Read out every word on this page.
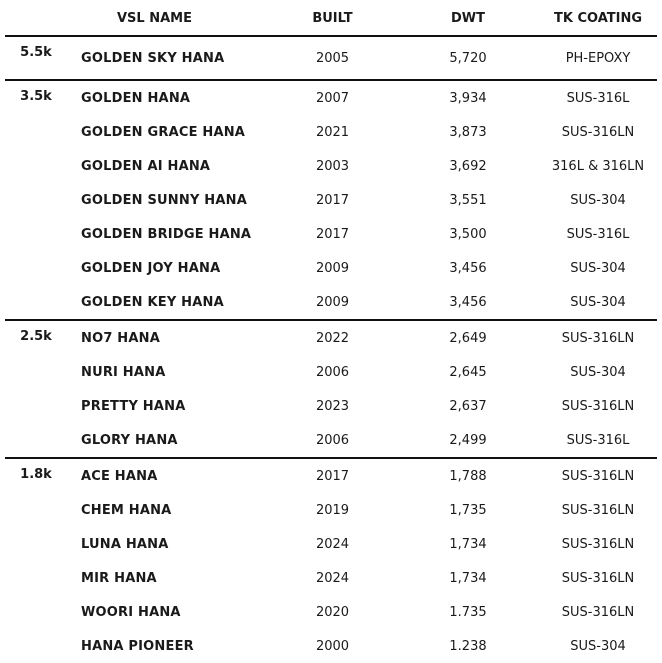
	VSL NAME	BUILT	DWT	TK COATING
5.5k	GOLDEN SKY HANA	2005	5,720	PH-EPOXY
3.5k	GOLDEN HANA	2007	3,934	SUS-316L
	GOLDEN GRACE HANA	2021	3,873	SUS-316LN
	GOLDEN AI HANA	2003	3,692	316L & 316LN
	GOLDEN SUNNY HANA	2017	3,551	SUS-304
	GOLDEN BRIDGE HANA	2017	3,500	SUS-316L
	GOLDEN JOY HANA	2009	3,456	SUS-304
	GOLDEN KEY HANA	2009	3,456	SUS-304
2.5k	NO7 HANA	2022	2,649	SUS-316LN
	NURI HANA	2006	2,645	SUS-304
	PRETTY HANA	2023	2,637	SUS-316LN
	GLORY HANA	2006	2,499	SUS-316L
1.8k	ACE HANA	2017	1,788	SUS-316LN
	CHEM HANA	2019	1,735	SUS-316LN
	LUNA HANA	2024	1,734	SUS-316LN
	MIR HANA	2024	1,734	SUS-316LN
	WOORI HANA	2020	1.735	SUS-316LN
	HANA PIONEER	2000	1.238	SUS-304
